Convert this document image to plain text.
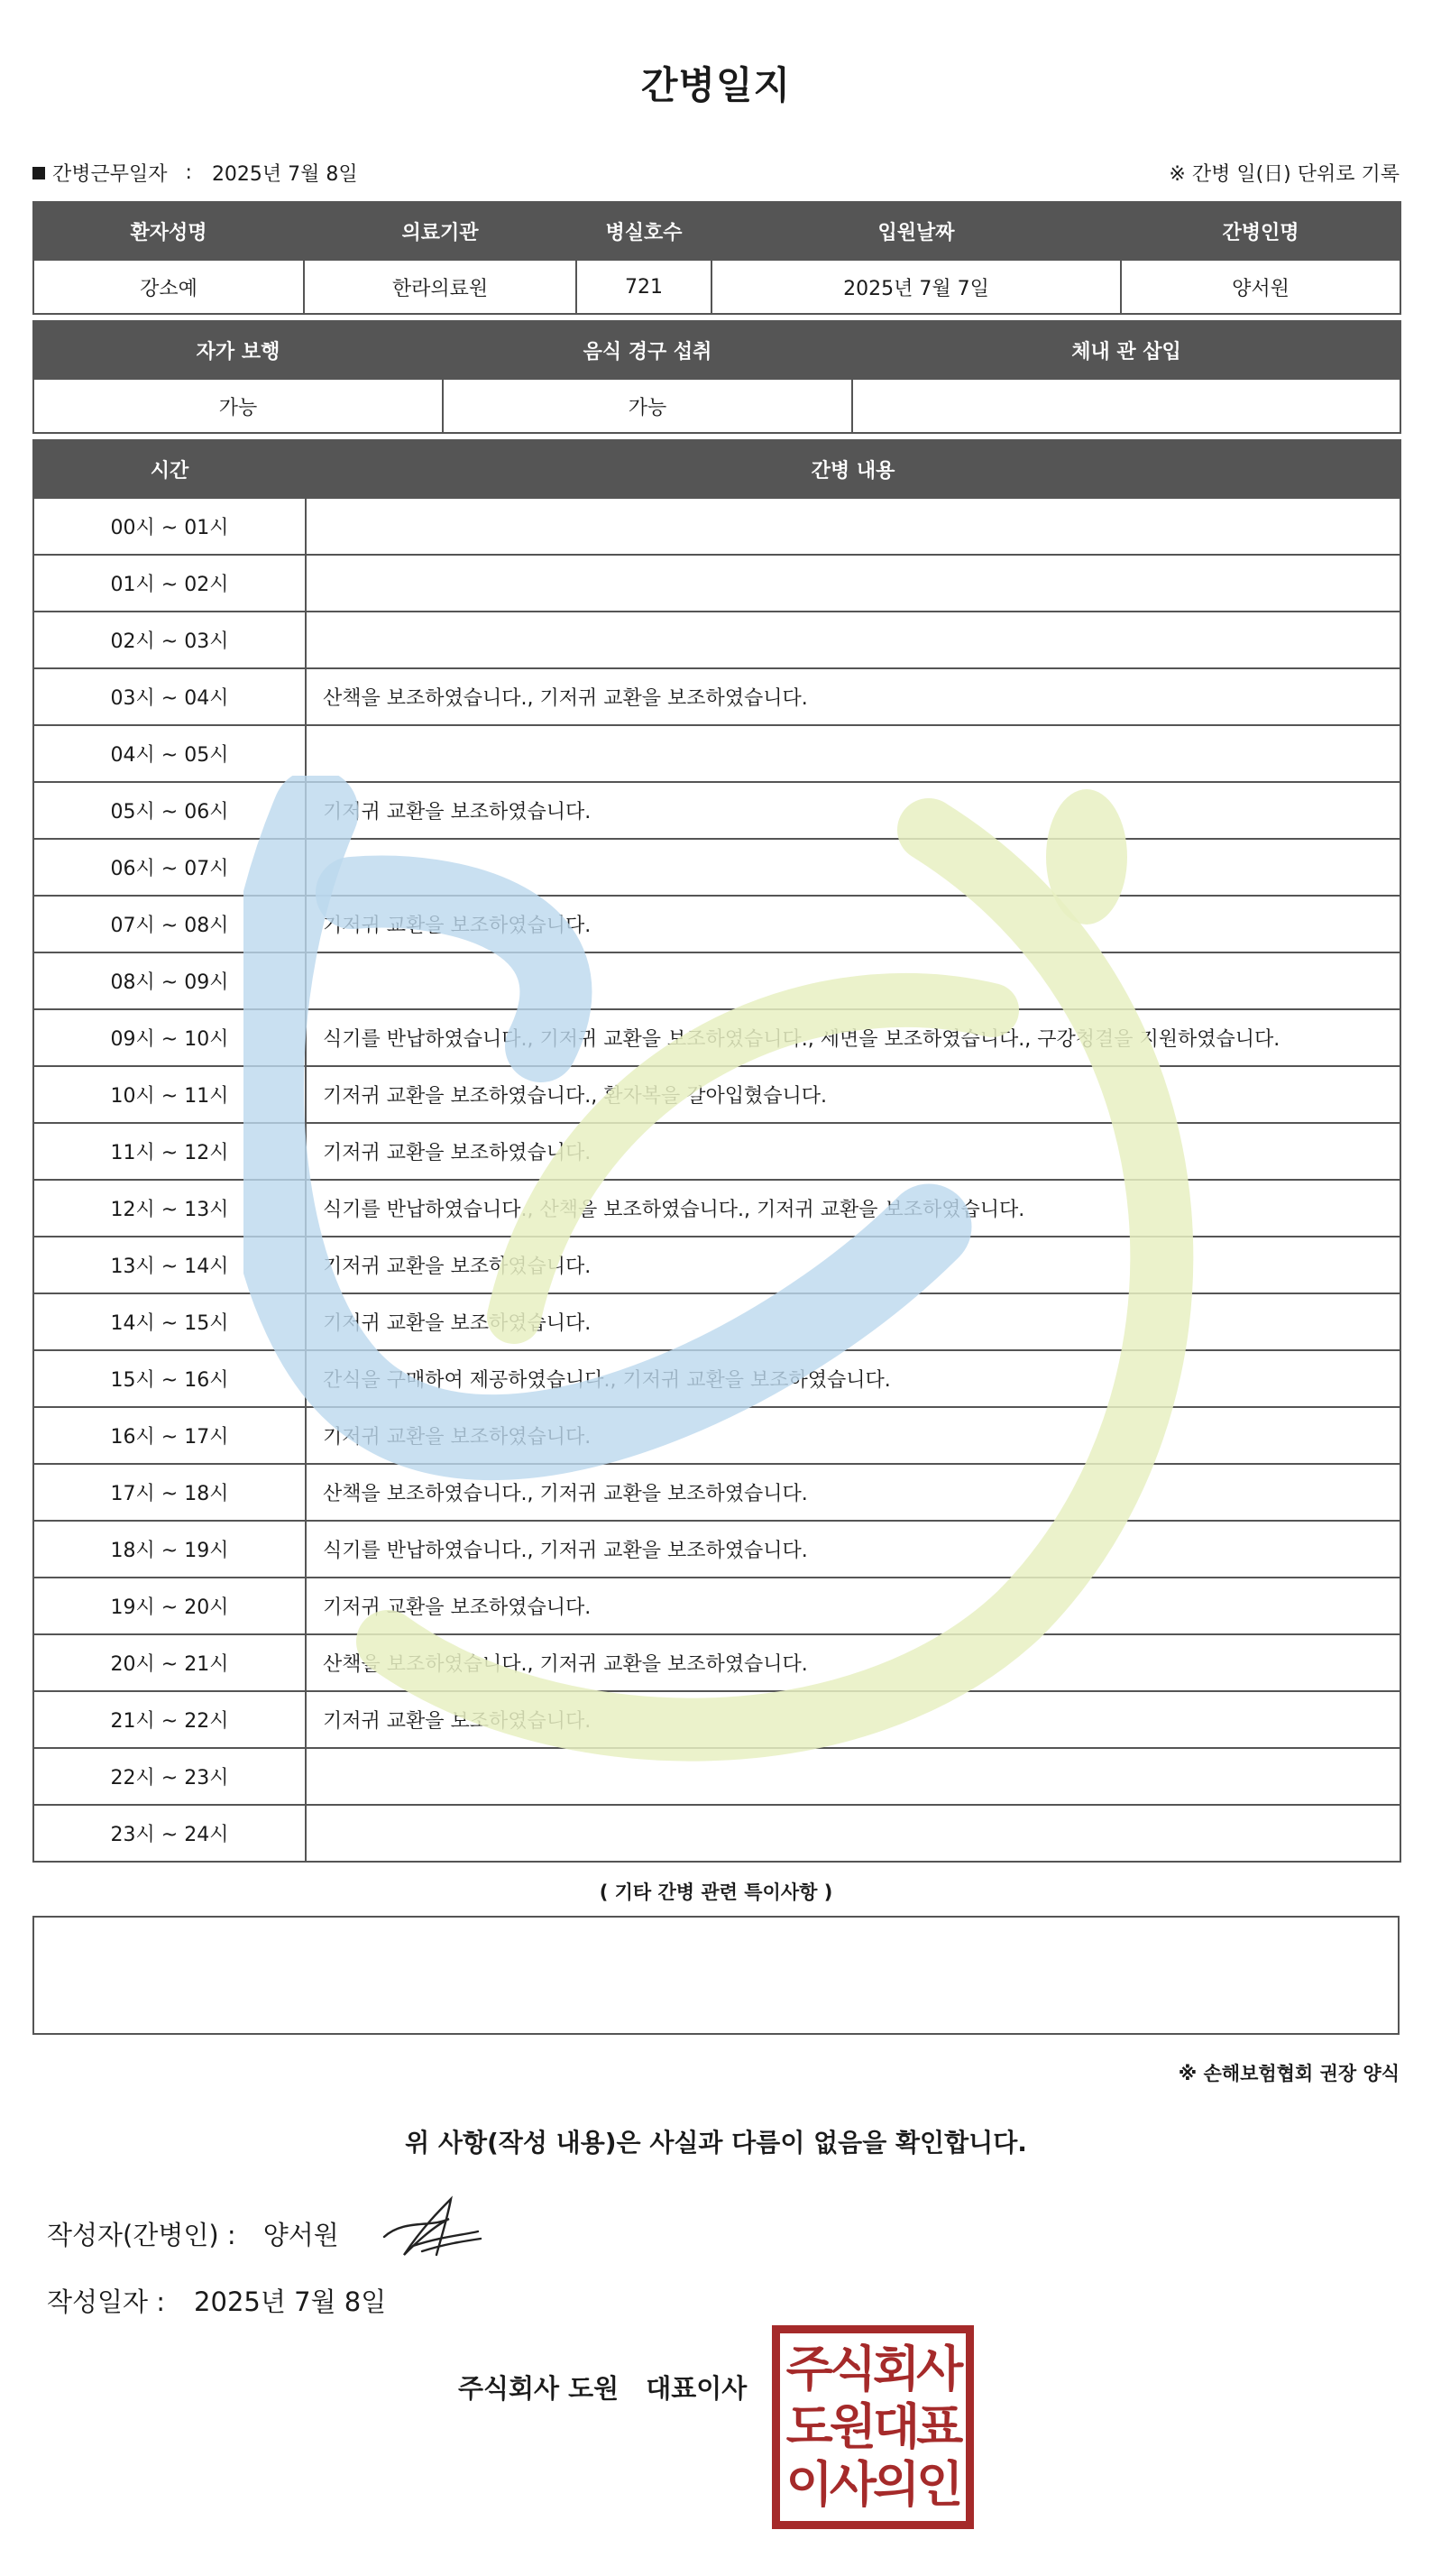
간병일지
간병근무일자 : 2025년 7월 8일	※ 간병 일(日) 단위로 기록
환자성명	의료기관	병실호수	입원날짜	간병인명
강소예	한라의료원	721	2025년 7월 7일	양서원
자가 보행	음식 경구 섭취	체내 관 삽입
가능	가능	
시간	간병 내용
00시 ~ 01시	
01시 ~ 02시	
02시 ~ 03시	
03시 ~ 04시	산책을 보조하였습니다., 기저귀 교환을 보조하였습니다.
04시 ~ 05시	
05시 ~ 06시	기저귀 교환을 보조하였습니다.
06시 ~ 07시	
07시 ~ 08시	기저귀 교환을 보조하였습니다.
08시 ~ 09시	
09시 ~ 10시	식기를 반납하였습니다., 기저귀 교환을 보조하였습니다., 세면을 보조하였습니다., 구강청결을 지원하였습니다.
10시 ~ 11시	기저귀 교환을 보조하였습니다., 환자복을 갈아입혔습니다.
11시 ~ 12시	기저귀 교환을 보조하였습니다.
12시 ~ 13시	식기를 반납하였습니다., 산책을 보조하였습니다., 기저귀 교환을 보조하였습니다.
13시 ~ 14시	기저귀 교환을 보조하였습니다.
14시 ~ 15시	기저귀 교환을 보조하였습니다.
15시 ~ 16시	간식을 구매하여 제공하였습니다., 기저귀 교환을 보조하였습니다.
16시 ~ 17시	기저귀 교환을 보조하였습니다.
17시 ~ 18시	산책을 보조하였습니다., 기저귀 교환을 보조하였습니다.
18시 ~ 19시	식기를 반납하였습니다., 기저귀 교환을 보조하였습니다.
19시 ~ 20시	기저귀 교환을 보조하였습니다.
20시 ~ 21시	산책을 보조하였습니다., 기저귀 교환을 보조하였습니다.
21시 ~ 22시	기저귀 교환을 보조하였습니다.
22시 ~ 23시	
23시 ~ 24시	
( 기타 간병 관련 특이사항 )
※ 손해보험협회 권장 양식
위 사항(작성 내용)은 사실과 다름이 없음을 확인합니다.
작성자(간병인) : 양서원
작성일자 : 2025년 7월 8일
주식회사 도원 대표이사 주식회사
도원대표
이사의인
